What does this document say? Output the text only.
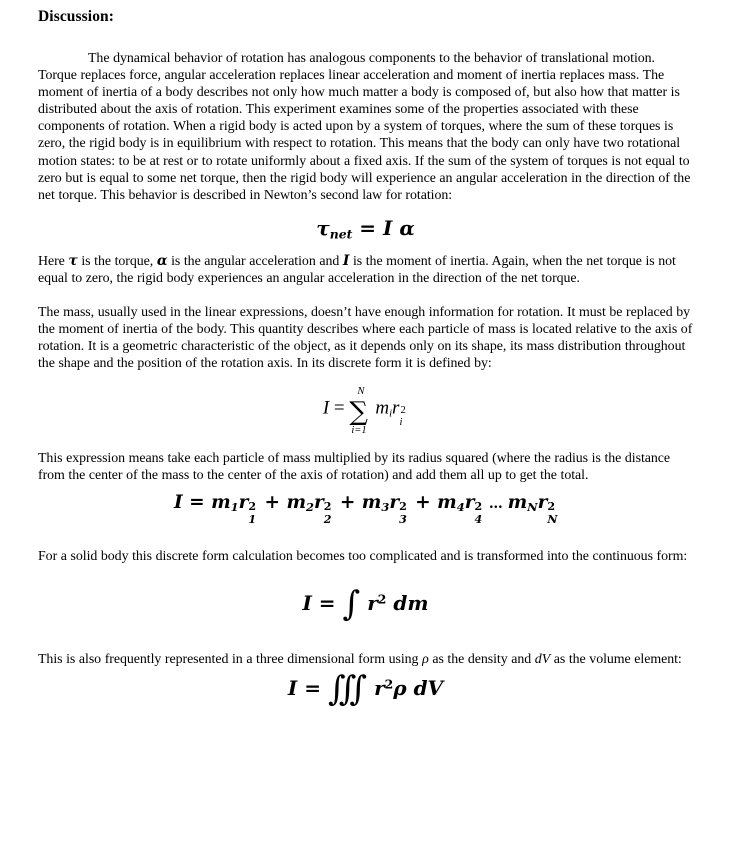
Discussion:

The dynamical behavior of rotation has analogous components to the behavior of translational motion. Torque replaces force, angular acceleration replaces linear acceleration and moment of inertia replaces mass. The moment of inertia of a body describes not only how much matter a body is composed of, but also how that matter is distributed about the axis of rotation. This experiment examines some of the properties associated with these components of rotation. When a rigid body is acted upon by a system of torques, where the sum of these torques is zero, the rigid body is in equilibrium with respect to rotation. This means that the body can only have two rotational motion states: to be at rest or to rotate uniformly about a fixed axis. If the sum of the system of torques is not equal to zero but is equal to some net torque, then the rigid body will experience an angular acceleration in the direction of the net torque. This behavior is described in Newton’s second law for rotation:

$\tau_{net} = I$ α

Here τ is the torque, α is the angular acceleration and I is the moment of inertia. Again, when the net torque is not equal to zero, the rigid body experiences an angular acceleration in the direction of the net torque.

The mass, usually used in the linear expressions, doesn’t have enough information for rotation. It must be replaced by the moment of inertia of the body. This quantity describes where each particle of mass is located relative to the axis of rotation. It is a geometric characteristic of the object, as it depends only on its shape, its mass distribution throughout the shape and the position of the rotation axis. In its discrete form it is defined by:

I =
N
∑
i=1
mir 2
i

This expression means take each particle of mass multiplied by its radius squared (where the radius is the distance from the center of the mass to the center of the axis of rotation) and add them all up to get the total.

$I = m_1r$ 2
1
+ $m_2r$ 2
2
+ $m_3r$ 2
3
+ $m_4r$ 2
4
… $m_Nr$ 2
N

For a solid body this discrete form calculation becomes too complicated and is transformed into the continuous form:

I = ∫ $r^2$ dm

This is also frequently represented in a three dimensional form using ρ as the density and dV as the volume element:

I = ∫∫∫ $r^2\rho$ dV
